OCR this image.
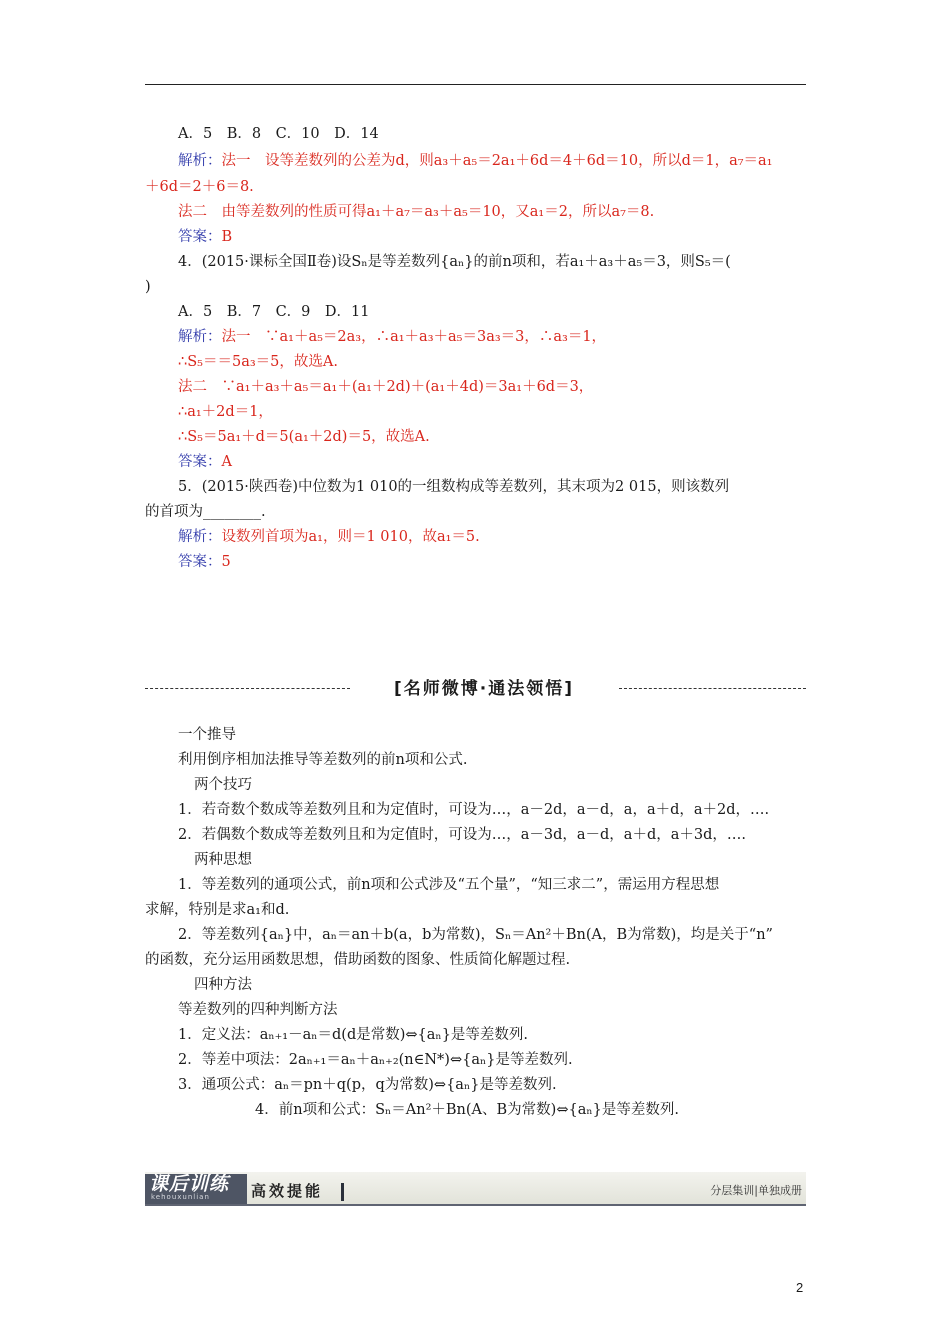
A．5　B．8　C．10　D．14
解析：法一　设等差数列的公差为d，则a₃＋a₅＝2a₁＋6d＝4＋6d＝10，所以d＝1，a₇＝a₁
＋6d＝2＋6＝8.
法二　由等差数列的性质可得a₁＋a₇＝a₃＋a₅＝10，又a₁＝2，所以a₇＝8.
答案：B
4．(2015·课标全国Ⅱ卷)设Sₙ是等差数列{aₙ}的前n项和，若a₁＋a₃＋a₅＝3，则S₅＝(
)
A．5　B．7　C．9　D．11
解析：法一　∵a₁＋a₅＝2a₃，∴a₁＋a₃＋a₅＝3a₃＝3，∴a₃＝1，
∴S₅＝＝5a₃＝5，故选A.
法二　∵a₁＋a₃＋a₅＝a₁＋(a₁＋2d)＋(a₁＋4d)＝3a₁＋6d＝3，
∴a₁＋2d＝1，
∴S₅＝5a₁＋d＝5(a₁＋2d)＝5，故选A.
答案：A
5．(2015·陕西卷)中位数为1 010的一组数构成等差数列，其末项为2 015，则该数列
的首项为________.
解析：设数列首项为a₁，则＝1 010，故a₁＝5.
答案：5
[名师微博·通法领悟]
一个推导
利用倒序相加法推导等差数列的前n项和公式.
两个技巧
1．若奇数个数成等差数列且和为定值时，可设为…，a－2d，a－d，a，a＋d，a＋2d，….
2．若偶数个数成等差数列且和为定值时，可设为…，a－3d，a－d，a＋d，a＋3d，….
两种思想
1．等差数列的通项公式，前n项和公式涉及“五个量”，“知三求二”，需运用方程思想
求解，特别是求a₁和d.
2．等差数列{aₙ}中，aₙ＝an＋b(a，b为常数)，Sₙ＝An²＋Bn(A，B为常数)，均是关于“n”
的函数，充分运用函数思想，借助函数的图象、性质简化解题过程.
四种方法
等差数列的四种判断方法
1．定义法：aₙ₊₁－aₙ＝d(d是常数)⇔{aₙ}是等差数列.
2．等差中项法：2aₙ₊₁＝aₙ＋aₙ₊₂(n∈N*)⇔{aₙ}是等差数列.
3．通项公式：aₙ＝pn＋q(p，q为常数)⇔{aₙ}是等差数列.
4．前n项和公式：Sₙ＝An²＋Bn(A、B为常数)⇔{aₙ}是等差数列.
课后训练
kehouxunlian	高效提能	分层集训|单独成册
2
